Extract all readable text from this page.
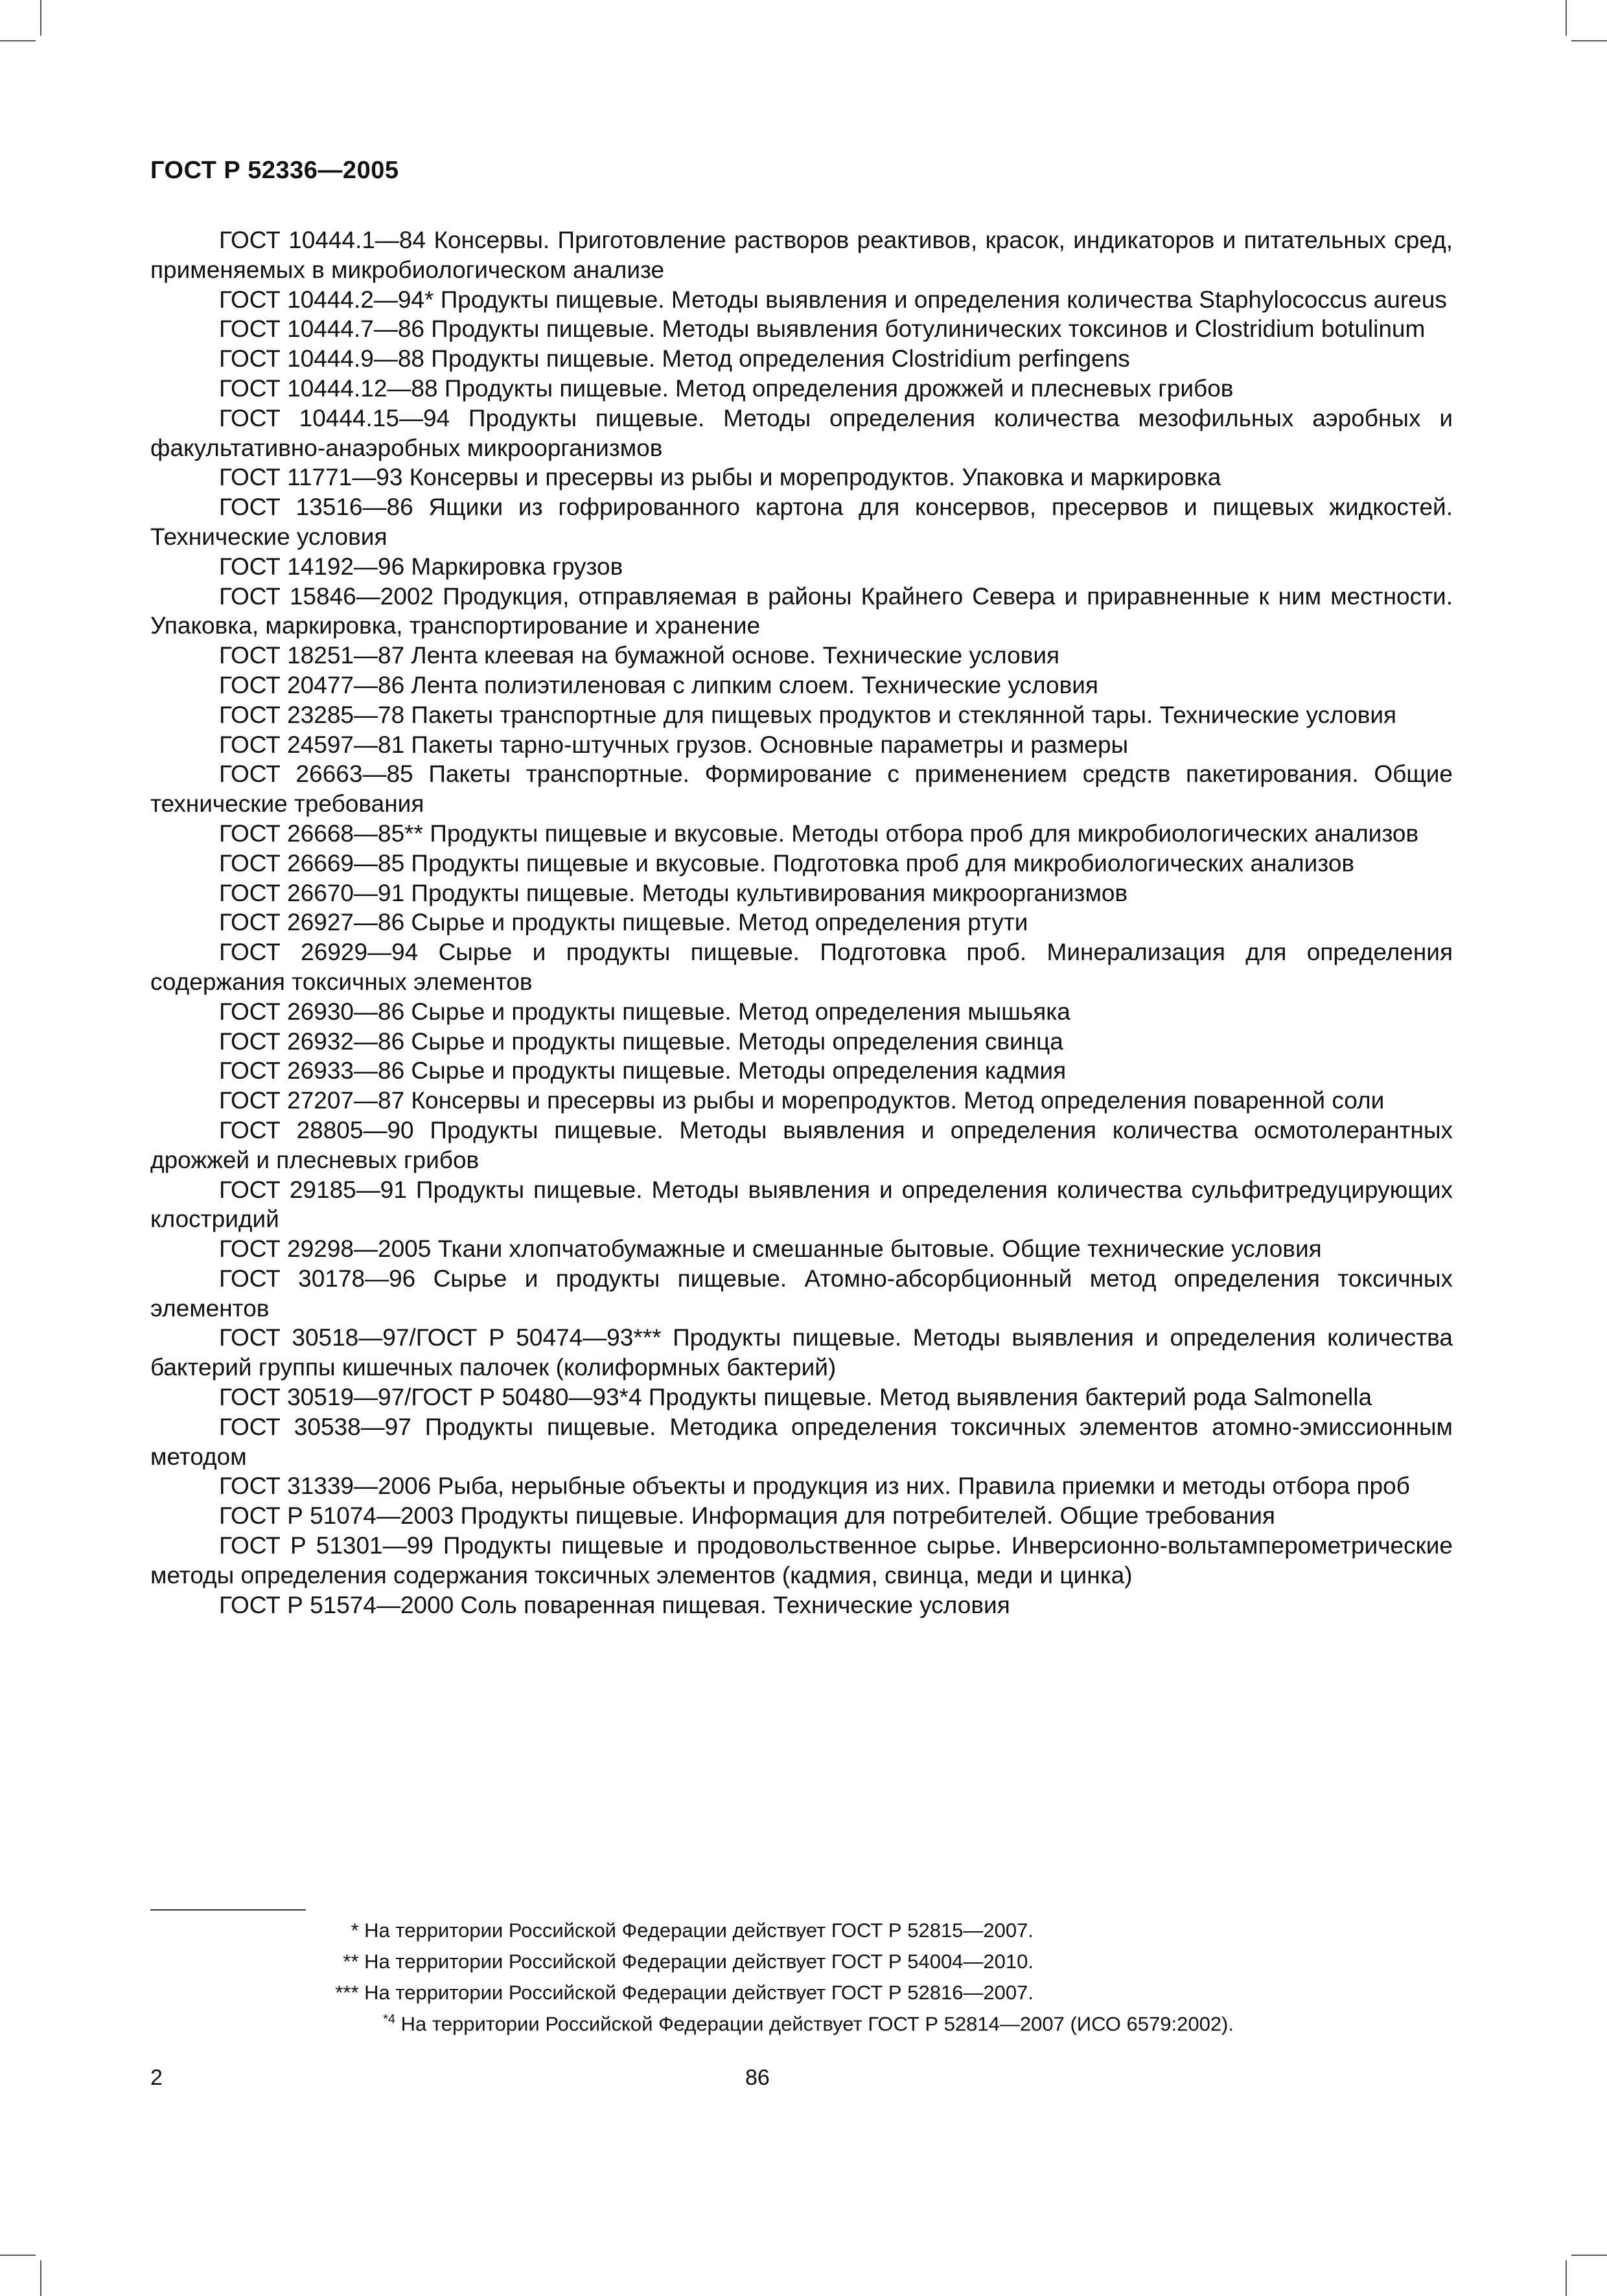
ГОСТ Р 52336—2005

ГОСТ 10444.1—84 Консервы. Приготовление растворов реактивов, красок, индикаторов и питательных сред, применяемых в микробиологическом анализе

ГОСТ 10444.2—94* Продукты пищевые. Методы выявления и определения количества Staphylococcus aureus

ГОСТ 10444.7—86 Продукты пищевые. Методы выявления ботулинических токсинов и Clostridium botulinum

ГОСТ 10444.9—88 Продукты пищевые. Метод определения Clostridium perfingens

ГОСТ 10444.12—88 Продукты пищевые. Метод определения дрожжей и плесневых грибов

ГОСТ 10444.15—94 Продукты пищевые. Методы определения количества мезофильных аэробных и факультативно-анаэробных микроорганизмов

ГОСТ 11771—93 Консервы и пресервы из рыбы и морепродуктов. Упаковка и маркировка

ГОСТ 13516—86 Ящики из гофрированного картона для консервов, пресервов и пищевых жидкостей. Технические условия

ГОСТ 14192—96 Маркировка грузов

ГОСТ 15846—2002 Продукция, отправляемая в районы Крайнего Севера и приравненные к ним местности. Упаковка, маркировка, транспортирование и хранение

ГОСТ 18251—87 Лента клеевая на бумажной основе. Технические условия

ГОСТ 20477—86 Лента полиэтиленовая с липким слоем. Технические условия

ГОСТ 23285—78 Пакеты транспортные для пищевых продуктов и стеклянной тары. Технические условия

ГОСТ 24597—81 Пакеты тарно-штучных грузов. Основные параметры и размеры

ГОСТ 26663—85 Пакеты транспортные. Формирование с применением средств пакетирования. Общие технические требования

ГОСТ 26668—85** Продукты пищевые и вкусовые. Методы отбора проб для микробиологических анализов

ГОСТ 26669—85 Продукты пищевые и вкусовые. Подготовка проб для микробиологических анализов

ГОСТ 26670—91 Продукты пищевые. Методы культивирования микроорганизмов

ГОСТ 26927—86 Сырье и продукты пищевые. Метод определения ртути

ГОСТ 26929—94 Сырье и продукты пищевые. Подготовка проб. Минерализация для определения содержания токсичных элементов

ГОСТ 26930—86 Сырье и продукты пищевые. Метод определения мышьяка

ГОСТ 26932—86 Сырье и продукты пищевые. Методы определения свинца

ГОСТ 26933—86 Сырье и продукты пищевые. Методы определения кадмия

ГОСТ 27207—87 Консервы и пресервы из рыбы и морепродуктов. Метод определения поваренной соли

ГОСТ 28805—90 Продукты пищевые. Методы выявления и определения количества осмотолерантных дрожжей и плесневых грибов

ГОСТ 29185—91 Продукты пищевые. Методы выявления и определения количества сульфитредуцирующих клостридий

ГОСТ 29298—2005 Ткани хлопчатобумажные и смешанные бытовые. Общие технические условия

ГОСТ 30178—96 Сырье и продукты пищевые. Атомно-абсорбционный метод определения токсичных элементов

ГОСТ 30518—97/ГОСТ Р 50474—93*** Продукты пищевые. Методы выявления и определения количества бактерий группы кишечных палочек (колиформных бактерий)

ГОСТ 30519—97/ГОСТ Р 50480—93*4 Продукты пищевые. Метод выявления бактерий рода Salmonella

ГОСТ 30538—97 Продукты пищевые. Методика определения токсичных элементов атомно-эмиссионным методом

ГОСТ 31339—2006 Рыба, нерыбные объекты и продукция из них. Правила приемки и методы отбора проб

ГОСТ Р 51074—2003 Продукты пищевые. Информация для потребителей. Общие требования

ГОСТ Р 51301—99 Продукты пищевые и продовольственное сырье. Инверсионно-вольтамперометрические методы определения содержания токсичных элементов (кадмия, свинца, меди и цинка)

ГОСТ Р 51574—2000 Соль поваренная пищевая. Технические условия

* На территории Российской Федерации действует ГОСТ Р 52815—2007.
** На территории Российской Федерации действует ГОСТ Р 54004—2010.
*** На территории Российской Федерации действует ГОСТ Р 52816—2007.
$^{*4}$ На территории Российской Федерации действует ГОСТ Р 52814—2007 (ИСО 6579:2002).
2	86
